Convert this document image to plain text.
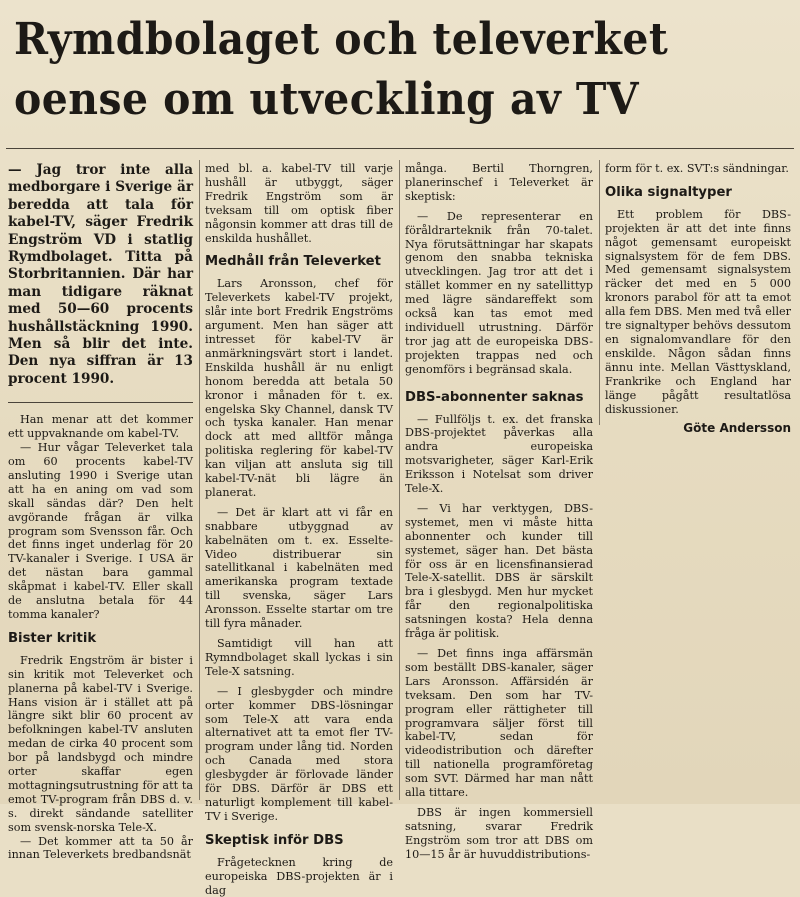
Rymdbolaget och televerket
oense om utveckling av TV

— Jag tror inte alla medborgare i Sverige är beredda att tala för kabel-TV, säger Fredrik Engström VD i statlig Rymdbolaget. Titta på Storbritannien. Där har man tidigare räknat med 50—60 procents hushållstäckning 1990. Men så blir det inte. Den nya siffran är 13 procent 1990.

Han menar att det kommer ett uppvaknande om kabel-TV.

— Hur vågar Televerket tala om 60 procents kabel-TV ansluting 1990 i Sverige utan att ha en aning om vad som skall sändas där? Den helt avgörande frågan är vilka program som Svensson får. Och det finns inget underlag för 20 TV-kanaler i Sverige. I USA är det nästan bara gammal skåpmat i kabel-TV. Eller skall de anslutna betala för 44 tomma kanaler?

Bister kritik

Fredrik Engström är bister i sin kritik mot Televerket och planerna på kabel-TV i Sverige. Hans vision är i stället att på längre sikt blir 60 procent av befolkningen kabel-TV ansluten medan de cirka 40 procent som bor på landsbygd och mindre orter skaffar egen mottagningsutrustning för att ta emot TV-program från DBS d. v. s. direkt sändande satelliter som svensk-norska Tele-X.

— Det kommer att ta 50 år innan Televerkets bredbandsnät

med bl. a. kabel-TV till varje hushåll är utbyggt, säger Fredrik Engström som är tveksam till om optisk fiber någonsin kommer att dras till de enskilda hushållet.

Medhåll från Televerket

Lars Aronsson, chef för Televerkets kabel-TV projekt, slår inte bort Fredrik Engströms argument. Men han säger att intresset för kabel-TV är anmärkningsvärt stort i landet. Enskilda hushåll är nu enligt honom beredda att betala 50 kronor i månaden för t. ex. engelska Sky Channel, dansk TV och tyska kanaler. Han menar dock att med alltför många politiska reglering för kabel-TV kan viljan att ansluta sig till kabel-TV-nät bli lägre än planerat.

— Det är klart att vi får en snabbare utbyggnad av kabelnäten om t. ex. Esselte-Video distribuerar sin satellitkanal i kabelnäten med amerikanska program textade till svenska, säger Lars Aronsson. Esselte startar om tre till fyra månader.

Samtidigt vill han att Rymndbolaget skall lyckas i sin Tele-X satsning.

— I glesbygder och mindre orter kommer DBS-lösningar som Tele-X att vara enda alternativet att ta emot fler TV-program under lång tid. Norden och Canada med stora glesbygder är förlovade länder för DBS. Därför är DBS ett naturligt komplement till kabel-TV i Sverige.

Skeptisk inför DBS

Frågetecknen kring de europeiska DBS-projekten är i dag

många. Bertil Thorngren, planerinschef i Televerket är skeptisk:

— De representerar en föråldrarteknik från 70-talet. Nya förutsättningar har skapats genom den snabba tekniska utvecklingen. Jag tror att det i stället kommer en ny satellittyp med lägre sändareffekt som också kan tas emot med individuell utrustning. Därför tror jag att de europeiska DBS-projekten trappas ned och genomförs i begränsad skala.

DBS-abonnenter saknas

— Fullföljs t. ex. det franska DBS-projektet påverkas alla andra europeiska motsvarigheter, säger Karl-Erik Eriksson i Notelsat som driver Tele-X.

— Vi har verktygen, DBS-systemet, men vi måste hitta abonnenter och kunder till systemet, säger han. Det bästa för oss är en licensfinansierad Tele-X-satellit. DBS är särskilt bra i glesbygd. Men hur mycket får den regionalpolitiska satsningen kosta? Hela denna fråga är politisk.

— Det finns inga affärsmän som beställt DBS-kanaler, säger Lars Aronsson. Affärsidén är tveksam. Den som har TV-program eller rättigheter till programvara säljer först till kabel-TV, sedan för videodistribution och därefter till nationella programföretag som SVT. Därmed har man nått alla tittare.

DBS är ingen kommersiell satsning, svarar Fredrik Engström som tror att DBS om 10—15 år är huvuddistributions-

form för t. ex. SVT:s sändningar.

Olika signaltyper

Ett problem för DBS-projekten är att det inte finns något gemensamt europeiskt signalsystem för de fem DBS. Med gemensamt signalsystem räcker det med en 5 000 kronors parabol för att ta emot alla fem DBS. Men med två eller tre signaltyper behövs dessutom en signalomvandlare för den enskilde. Någon sådan finns ännu inte. Mellan Västtyskland, Frankrike och England har länge pågått resultatlösa diskussioner.

Göte Andersson
